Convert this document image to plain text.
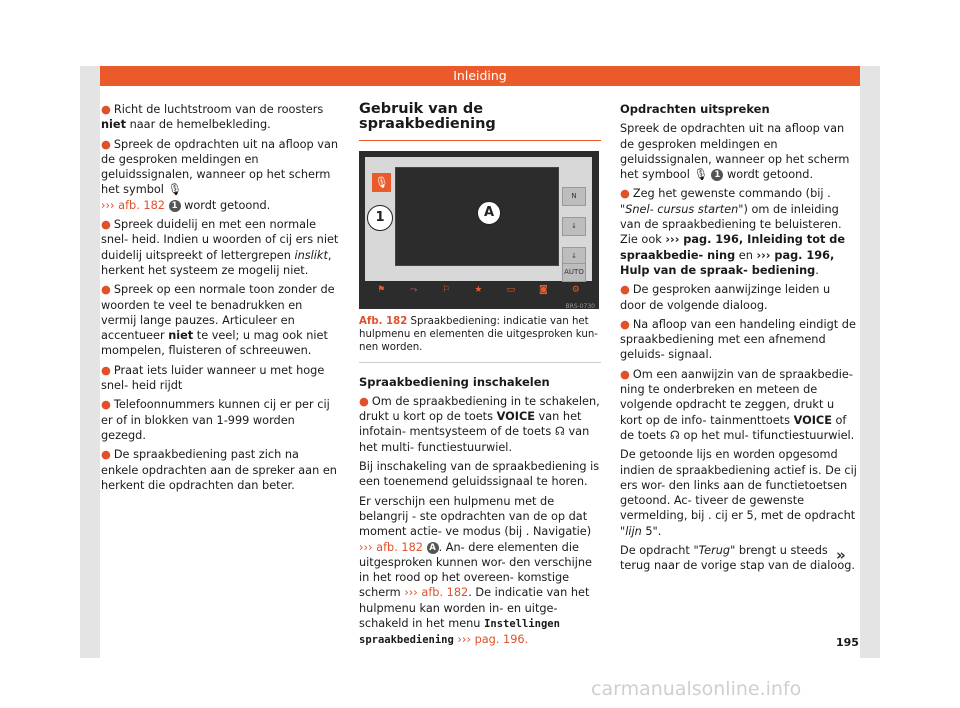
Inleiding

● Richt de luchtstroom van de roosters niet naar de hemelbekleding.

● Spreek de opdrachten uit na afloop van de gesproken meldingen en geluidssignalen, wanneer op het scherm het symbol 🎙
››› afb. 182 1 wordt getoond.

● Spreek duidelij en met een normale snel- heid. Indien u woorden of cij ers niet duidelij uitspreekt of lettergrepen inslikt, herkent het systeem ze mogelij niet.

● Spreek op een normale toon zonder de woorden te veel te benadrukken en vermij lange pauzes. Articuleer en accentueer niet te veel; u mag ook niet mompelen, fluisteren of schreeuwen.

● Praat iets luider wanneer u met hoge snel- heid rijdt

● Telefoonnummers kunnen cij er per cij er of in blokken van 1-999 worden gezegd.

● De spraakbediening past zich na enkele opdrachten aan de spreker aan en herkent die opdrachten dan beter.

Gebruik van de spraakbediening
🎙
N
↓
↓
AUTO
A
1
⚑	⤳	⚐	★	▭	◙	⚙
BRS-0730
Afb. 182 Spraakbediening: indicatie van het hulpmenu en elementen die uitgesproken kun- nen worden.

Spraakbediening inschakelen

● Om de spraakbediening in te schakelen, drukt u kort op de toets VOICE van het infotain- mentsysteem of de toets ☊ van het multi- functiestuurwiel.

Bij inschakeling van de spraakbediening is een toenemend geluidssignaal te horen.

Er verschijn een hulpmenu met de belangrij - ste opdrachten van de op dat moment actie- ve modus (bij . Navigatie) ››› afb. 182 A . An- dere elementen die uitgesproken kunnen wor- den verschijne in het rood op het overeen- komstige scherm ››› afb. 182. De indicatie van het hulpmenu kan worden in- en uitge- schakeld in het menu Instellingen spraakbediening ››› pag. 196.

Opdrachten uitspreken

Spreek de opdrachten uit na afloop van de gesproken meldingen en geluidssignalen, wanneer op het scherm het symbool 🎙 1 wordt getoond.

● Zeg het gewenste commando (bij . "Snel- cursus starten") om de inleiding van de spraakbediening te beluisteren. Zie ook ››› pag. 196, Inleiding tot de spraakbedie- ning en ››› pag. 196, Hulp van de spraak- bediening.

● De gesproken aanwijzinge leiden u door de volgende dialoog.

● Na afloop van een handeling eindigt de spraakbediening met een afnemend geluids- signaal.

● Om een aanwijzin van de spraakbedie- ning te onderbreken en meteen de volgende opdracht te zeggen, drukt u kort op de info- tainmenttoets VOICE of de toets ☊ op het mul- tifunctiestuurwiel.

De getoonde lijs en worden opgesomd indien de spraakbediening actief is. De cij ers wor- den links aan de functietoetsen getoond. Ac- tiveer de gewenste vermelding, bij . cij er 5, met de opdracht "lijn 5".

De opdracht "Terug" brengt u steeds terug naar de vorige stap van de dialoog.

»
195
carmanualsonline.info
